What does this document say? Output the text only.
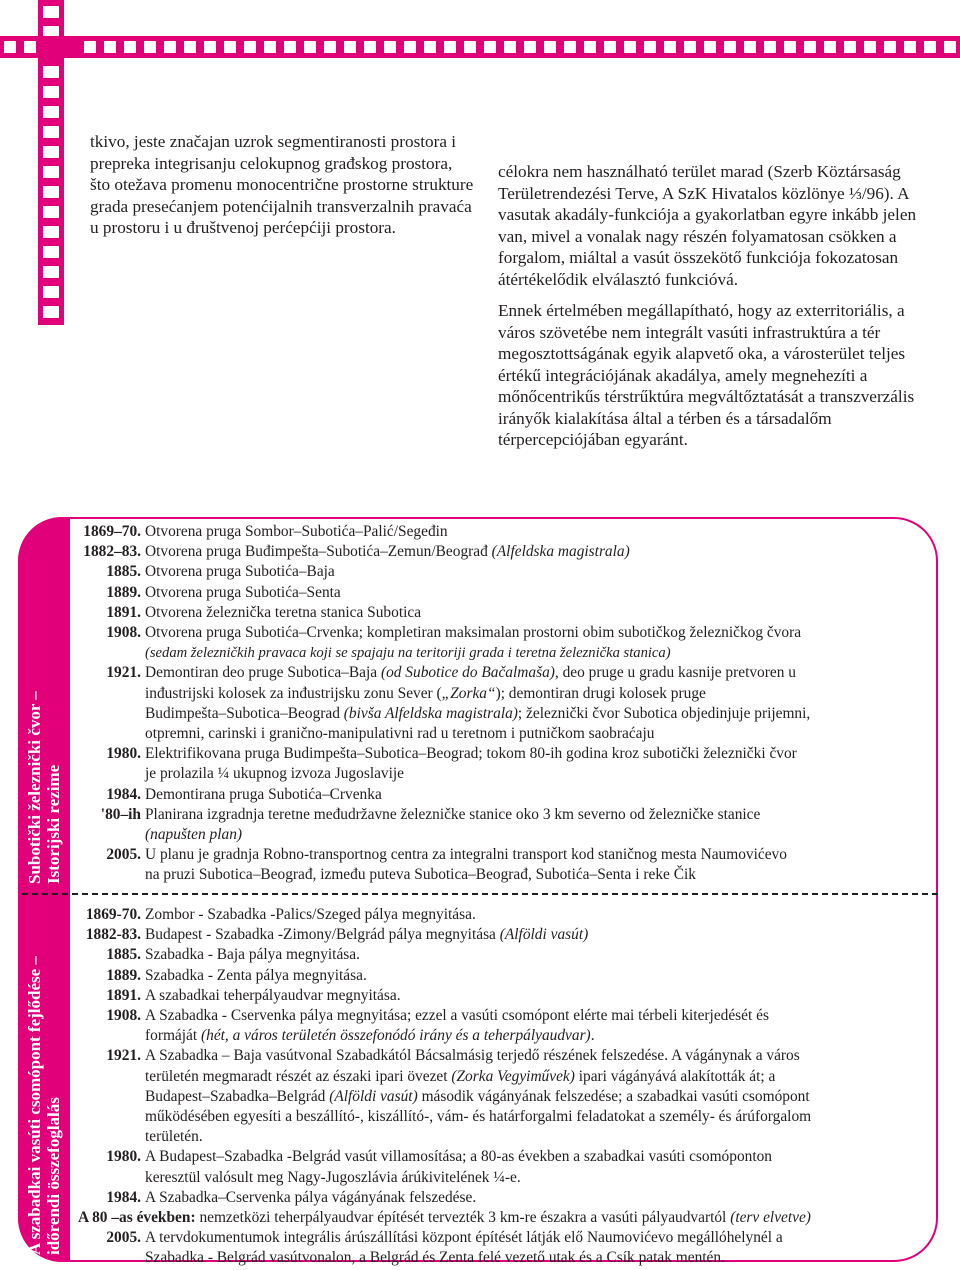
tkivo, jeste značajan uzrok segmentiranosti prostora i prepreka integrisanju celokupnog građskog prostora, što otežava promenu monocentrične prostorne strukture grada presećanjem potenćijalnih transverzalnih pravaća u prostoru i u đruštvenoj perćepćiji prostora.

célokra nem használható terület marad (Szerb Köztársaság Területrendezési Terve, A SzK Hivatalos közlönye ⅓/96). A vasutak akadály-funkciója a gyakorlatban egyre inkább jelen van, mivel a vonalak nagy részén folyamatosan csökken a forgalom, miáltal a vasút összekötő funkciója fokozatosan átértékelődik elválasztó funkcióvá.

Ennek értelmében megállapítható, hogy az exterritoriális, a város szövetébe nem integrált vasúti infrastruktúra a tér megosztottságának egyik alapvető oka, a városterület teljes értékű integrációjának akadálya, amely megnehezíti a mőnőcentrikűs térstrűktúra megváltőztatását a transzverzális irányők kialakítása által a térben és a társadalőm térpercepciójában egyaránt.

Subotički železnički čvor – Istorijski rezime
A szabadkai vasúti csomópont fejlődése – időrendi összefoglalás
1869–70. Otvorena pruga Sombor–Subotića–Palić/Segeđin
1882–83. Otvorena pruga Buđimpešta–Subotića–Zemun/Beograđ (Alfeldska magistrala)
1885. Otvorena pruga Subotića–Baja
1889. Otvorena pruga Subotića–Senta
1891. Otvorena železnička teretna stanica Subotica
1908. Otvorena pruga Subotića–Crvenka; kompletiran maksimalan prostorni obim subotičkog železničkog čvora
(sedam železničkih pravaca koji se spajaju na teritoriji grada i teretna železnička stanica)
1921. Demontiran deo pruge Subotica–Baja (od Subotice do Bačalmaša), deo pruge u gradu kasnije pretvoren u
inđustrijski kolosek za inđustrijsku zonu Sever („Zorka“); demontiran drugi kolosek pruge
Budimpešta–Subotica–Beograd (bivša Alfeldska magistrala); železnički čvor Subotica objedinjuje prijemni,
otpremni, carinski i granično-manipulativni rad u teretnom i putničkom saobraćaju
1980. Elektrifikovana pruga Budimpešta–Subotica–Beograd; tokom 80-ih godina kroz subotički železnički čvor
je prolazila ¼ ukupnog izvoza Jugoslavije
1984. Demontirana pruga Subotića–Crvenka
'80–ih Planirana izgradnja teretne međudržavne železničke stanice oko 3 km severno od železničke stanice
(napušten plan)
2005. U planu je gradnja Robno-transportnog centra za integralni transport kod staničnog mesta Naumovićevo
na pruzi Subotica–Beograđ, između puteva Subotica–Beograđ, Subotića–Senta i reke Čik
1869-70. Zombor - Szabadka -Palics/Szeged pálya megnyitása.
1882-83. Budapest - Szabadka -Zimony/Belgrád pálya megnyitása (Alföldi vasút)
1885. Szabadka - Baja pálya megnyitása.
1889. Szabadka - Zenta pálya megnyitása.
1891. A szabadkai teherpályaudvar megnyitása.
1908. A Szabadka - Cservenka pálya megnyitása; ezzel a vasúti csomópont elérte mai térbeli kiterjedését és
formáját (hét, a város területén összefonódó irány és a teherpályaudvar).
1921. A Szabadka – Baja vasútvonal Szabadkától Bácsalmásig terjedő részének felszedése. A vágánynak a város
területén megmaradt részét az északi ipari övezet (Zorka Vegyiművek) ipari vágányává alakították át; a
Budapest–Szabadka–Belgrád (Alföldi vasút) második vágányának felszedése; a szabadkai vasúti csomópont
működésében egyesíti a beszállító-, kiszállító-, vám- és határforgalmi feladatokat a személy- és árúforgalom
területén.
1980. A Budapest–Szabadka -Belgrád vasút villamosítása; a 80-as években a szabadkai vasúti csomóponton
keresztül valósult meg Nagy-Jugoszlávia árúkivitelének ¼-e.
1984. A Szabadka–Cservenka pálya vágányának felszedése.
A 80 –as években: nemzetközi teherpályaudvar építését tervezték 3 km-re északra a vasúti pályaudvartól (terv elvetve)
2005. A tervdokumentumok integrális árúszállítási központ építését látják elő Naumovićevo megállóhelynél a
Szabadka - Belgrád vasútvonalon, a Belgrád és Zenta felé vezető utak és a Csík patak mentén.
